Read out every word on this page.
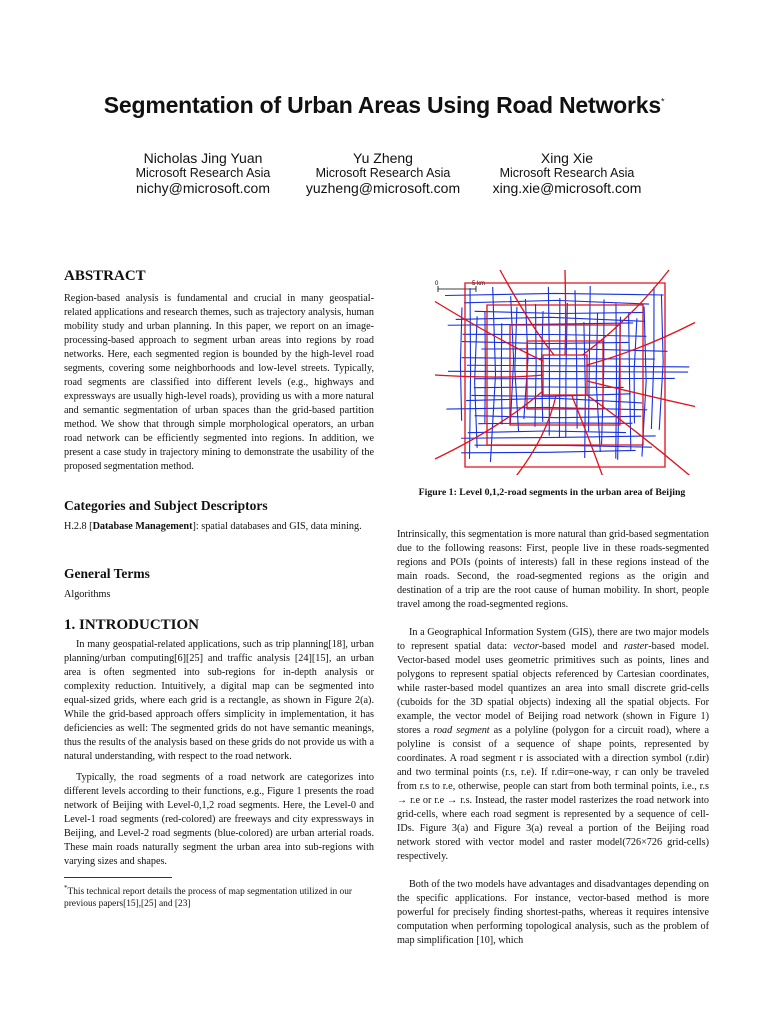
Segmentation of Urban Areas Using Road Networks*
Nicholas Jing Yuan
Microsoft Research Asia
nichy@microsoft.com
Yu Zheng
Microsoft Research Asia
yuzheng@microsoft.com
Xing Xie
Microsoft Research Asia
xing.xie@microsoft.com
ABSTRACT
Region-based analysis is fundamental and crucial in many geospatial-related applications and research themes, such as trajectory analysis, human mobility study and urban planning. In this paper, we report on an image-processing-based approach to segment urban areas into regions by road networks. Here, each segmented region is bounded by the high-level road segments, covering some neighborhoods and low-level streets. Typically, road segments are classified into different levels (e.g., highways and expressways are usually high-level roads), providing us with a more natural and semantic segmentation of urban spaces than the grid-based partition method. We show that through simple morphological operators, an urban road network can be efficiently segmented into regions. In addition, we present a case study in trajectory mining to demonstrate the usability of the proposed segmentation method.
Categories and Subject Descriptors
H.2.8 [Database Management]: spatial databases and GIS, data mining.
General Terms
Algorithms
1. INTRODUCTION
In many geospatial-related applications, such as trip planning[18], urban planning/urban computing[6][25] and traffic analysis [24][15], an urban area is often segmented into sub-regions for in-depth analysis or complexity reduction. Intuitively, a digital map can be segmented into equal-sized grids, where each grid is a rectangle, as shown in Figure 2(a). While the grid-based approach offers simplicity in implementation, it has deficiencies as well: The segmented grids do not have semantic meanings, thus the results of the analysis based on these grids do not provide us with a natural understanding, with respect to the road network.
Typically, the road segments of a road network are categorizes into different levels according to their functions, e.g., Figure 1 presents the road network of Beijing with Level-0,1,2 road segments. Here, the Level-0 and Level-1 road segments (red-colored) are freeways and city expressways in Beijing, and Level-2 road segments (blue-colored) are urban arterial roads. These main roads naturally segment the urban area into sub-regions with varying sizes and shapes.
*This technical report details the process of map segmentation utilized in our previous papers[15],[25] and [23]
0	5 km
Figure 1: Level 0,1,2-road segments in the urban area of Beijing
Intrinsically, this segmentation is more natural than grid-based segmentation due to the following reasons: First, people live in these roads-segmented regions and POIs (points of interests) fall in these regions instead of the main roads. Second, the road-segmented regions as the origin and destination of a trip are the root cause of human mobility. In short, people travel among the road-segmented regions.
In a Geographical Information System (GIS), there are two major models to represent spatial data: vector-based model and raster-based model. Vector-based model uses geometric primitives such as points, lines and polygons to represent spatial objects referenced by Cartesian coordinates, while raster-based model quantizes an area into small discrete grid-cells (cuboids for the 3D spatial objects) indexing all the spatial objects. For example, the vector model of Beijing road network (shown in Figure 1) stores a road segment as a polyline (polygon for a circuit road), where a polyline is consist of a sequence of shape points, represented by coordinates. A road segment r is associated with a direction symbol (r.dir) and two terminal points (r.s, r.e). If r.dir=one-way, r can only be traveled from r.s to r.e, otherwise, people can start from both terminal points, i.e., r.s → r.e or r.e → r.s. Instead, the raster model rasterizes the road network into grid-cells, where each road segment is represented by a sequence of cell-IDs. Figure 3(a) and Figure 3(a) reveal a portion of the Beijing road network stored with vector model and raster model(726×726 grid-cells) respectively.
Both of the two models have advantages and disadvantages depending on the specific applications. For instance, vector-based method is more powerful for precisely finding shortest-paths, whereas it requires intensive computation when performing topological analysis, such as the problem of map simplification [10], which
